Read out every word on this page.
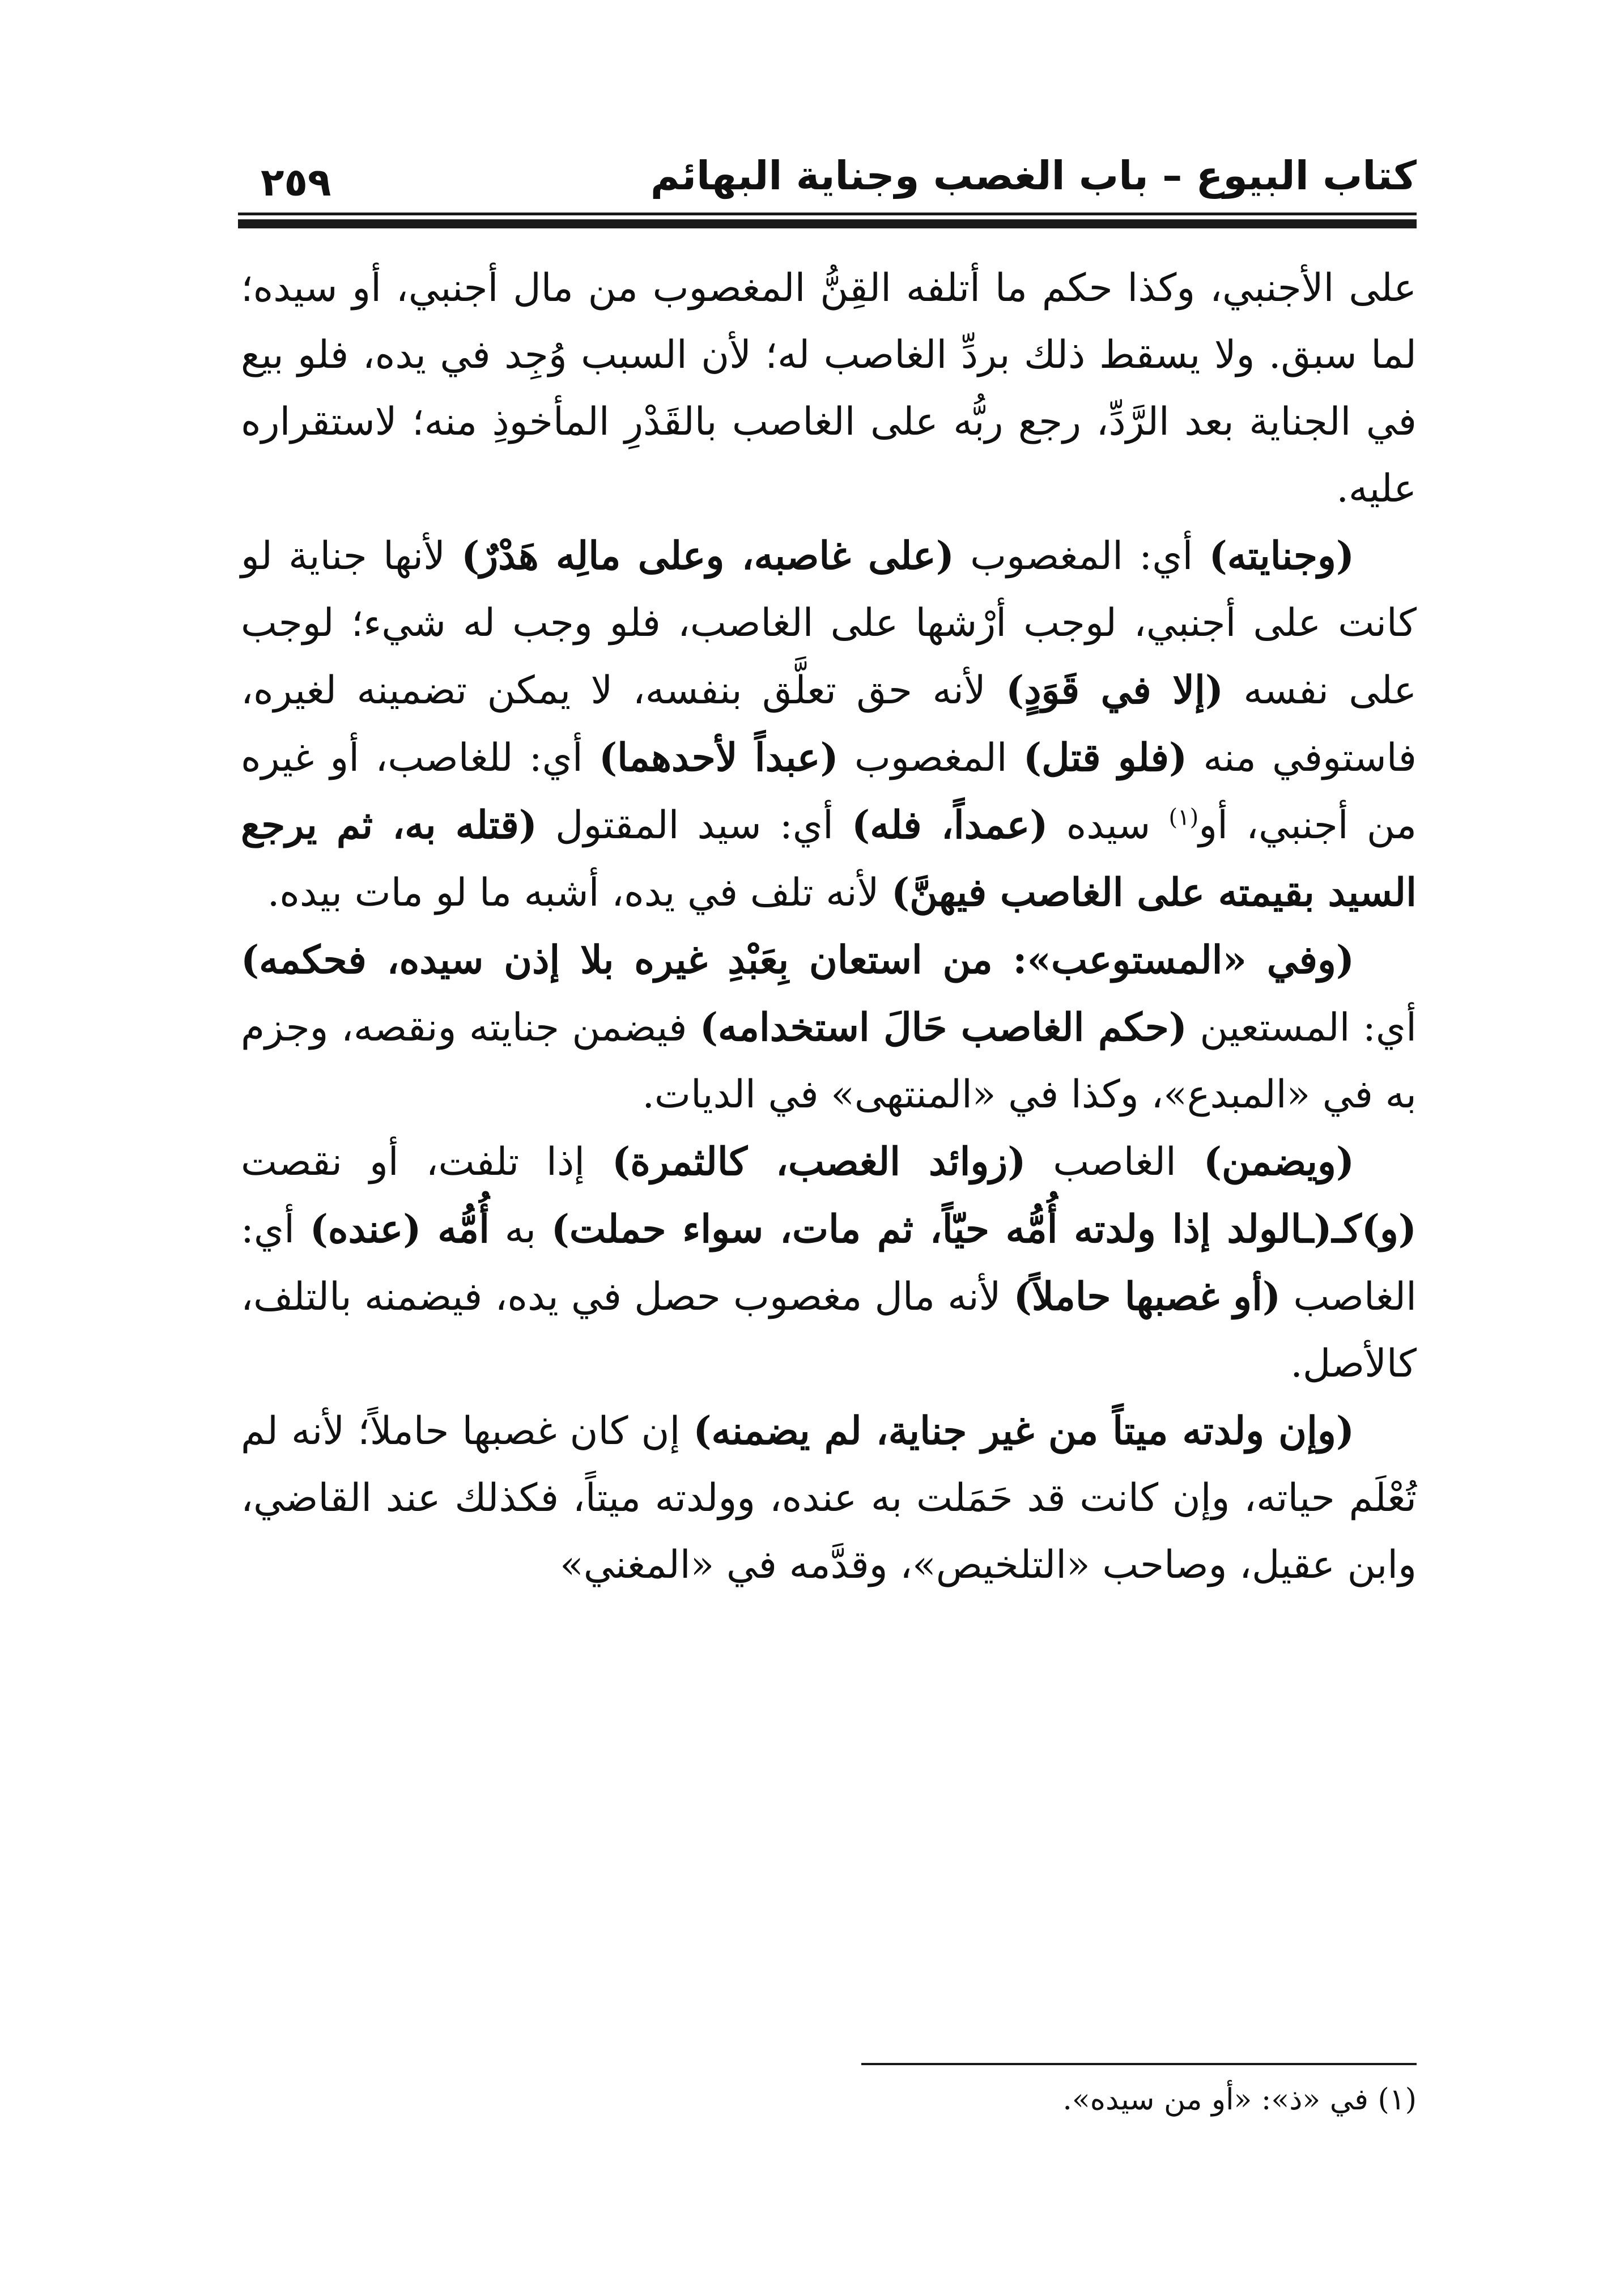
كتاب البيوع – باب الغصب وجناية البهائم
٢٥٩

على الأجنبي، وكذا حكم ما أتلفه القِنُّ المغصوب من مال أجنبي، أو سيده؛ لما سبق. ولا يسقط ذلك بردِّ الغاصب له؛ لأن السبب وُجِد في يده، فلو بيع في الجناية بعد الرَّدِّ، رجع ربُّه على الغاصب بالقَدْرِ المأخوذِ منه؛ لاستقراره عليه.

(وجنايته) أي: المغصوب (على غاصبه، وعلى مالِه هَدْرٌ) لأنها جناية لو كانت على أجنبي، لوجب أرْشها على الغاصب، فلو وجب له شيء؛ لوجب على نفسه (إلا في قَوَدٍ) لأنه حق تعلَّق بنفسه، لا يمكن تضمينه لغيره، فاستوفي منه (فلو قتل) المغصوب (عبداً لأحدهما) أي: للغاصب، أو غيره من أجنبي، أو$^{(١)}$ سيده (عمداً، فله) أي: سيد المقتول (قتله به، ثم يرجع السيد بقيمته على الغاصب فيهنَّ) لأنه تلف في يده، أشبه ما لو مات بيده.

(وفي «المستوعب»: من استعان بِعَبْدِ غيره بلا إذن سيده، فحكمه) أي: المستعين (حكم الغاصب حَالَ استخدامه) فيضمن جنايته ونقصه، وجزم به في «المبدع»، وكذا في «المنتهى» في الديات.

(ويضمن) الغاصب (زوائد الغصب، كالثمرة) إذا تلفت، أو نقصت (و)كـ(ـالولد إذا ولدته أُمُّه حيّاً، ثم مات، سواء حملت) به أُمُّه (عنده) أي: الغاصب (أو غصبها حاملاً) لأنه مال مغصوب حصل في يده، فيضمنه بالتلف، كالأصل.

(وإن ولدته ميتاً من غير جناية، لم يضمنه) إن كان غصبها حاملاً؛ لأنه لم تُعْلَم حياته، وإن كانت قد حَمَلت به عنده، وولدته ميتاً، فكذلك عند القاضي، وابن عقيل، وصاحب «التلخيص»، وقدَّمه في «المغني»

(١) في «ذ»: «أو من سيده».
